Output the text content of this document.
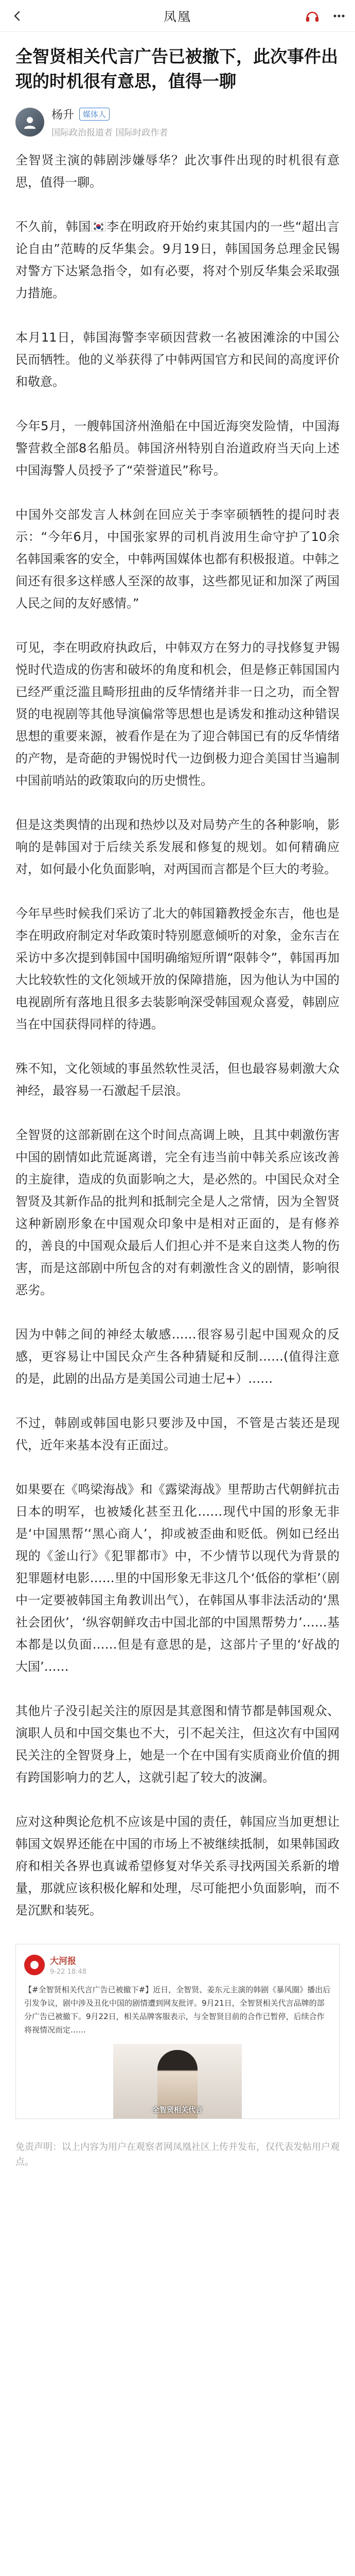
凤凰
全智贤相关代言广告已被撤下，此次事件出现的时机很有意思，值得一聊
杨升	媒体人
国际政治报道者 国际时政作者

全智贤主演的韩剧涉嫌辱华？此次事件出现的时机很有意思，值得一聊。

不久前，韩国🇰🇷李在明政府开始约束其国内的一些“超出言论自由”范畴的反华集会。9月19日，韩国国务总理金民锡对警方下达紧急指令，如有必要，将对个别反华集会采取强力措施。

本月11日，韩国海警李宰硕因营救一名被困滩涂的中国公民而牺牲。他的义举获得了中韩两国官方和民间的高度评价和敬意。

今年5月，一艘韩国济州渔船在中国近海突发险情，中国海警营救全部8名船员。韩国济州特别自治道政府当天向上述中国海警人员授予了“荣誉道民”称号。

中国外交部发言人林剑在回应关于李宰硕牺牲的提问时表示：“今年6月，中国张家界的司机肖波用生命守护了10余名韩国乘客的安全，中韩两国媒体也都有积极报道。中韩之间还有很多这样感人至深的故事，这些都见证和加深了两国人民之间的友好感情。”

可见，李在明政府执政后，中韩双方在努力的寻找修复尹锡悦时代造成的伤害和破坏的角度和机会，但是修正韩国国内已经严重泛滥且畸形扭曲的反华情绪并非一日之功，而全智贤的电视剧等其他导演偏常等思想也是诱发和推动这种错误思想的重要来源，被看作是在为了迎合韩国已有的反华情绪的产物，是奇葩的尹锡悦时代一边倒极力迎合美国甘当遍制中国前哨站的政策取向的历史惯性。

但是这类舆情的出现和热炒以及对局势产生的各种影响，影响的是韩国对于后续关系发展和修复的规划。如何精确应对，如何最小化负面影响，对两国而言都是个巨大的考验。

今年早些时候我们采访了北大的韩国籍教授金东吉，他也是李在明政府制定对华政策时特别愿意倾听的对象，金东吉在采访中多次提到韩国中国明确缩短所谓“限韩令”，韩国再加大比较软性的文化领域开放的保障措施，因为他认为中国的电视剧所有落地且很多去装影响深受韩国观众喜爱，韩剧应当在中国获得同样的待遇。

殊不知，文化领域的事虽然软性灵活，但也最容易刺激大众神经，最容易一石激起千层浪。

全智贤的这部新剧在这个时间点高调上映，且其中刺激伤害中国的剧情如此荒诞离谱，完全有违当前中韩关系应该改善的主旋律，造成的负面影响之大，是必然的。中国民众对全智贤及其新作品的批判和抵制完全是人之常情，因为全智贤这种新剧形象在中国观众印象中是相对正面的，是有修养的，善良的中国观众最后人们担心并不是来自这类人物的伤害，而是这部剧中所包含的对有刺激性含义的剧情，影响很恶劣。

因为中韩之间的神经太敏感……很容易引起中国观众的反感，更容易让中国民众产生各种猜疑和反制……(值得注意的是，此剧的出品方是美国公司迪士尼+）……

不过，韩剧或韩国电影只要涉及中国，不管是古装还是现代，近年来基本没有正面过。

如果要在《鸣梁海战》和《露梁海战》里帮助古代朝鲜抗击日本的明军，也被矮化甚至丑化……现代中国的形象无非是‘中国黑帮’‘黑心商人’，抑或被歪曲和贬低。例如已经出现的《釜山行》《犯罪都市》中，不少情节以现代为背景的犯罪题材电影……里的中国形象无非这几个‘低俗的掌柜’（剧中一定要被韩国主角教训出气），在韩国从事非法活动的‘黑社会团伙’，‘纵容朝鲜攻击中国北部的中国黑帮势力’……基本都是以负面……但是有意思的是，这部片子里的‘好战的大国’……

其他片子没引起关注的原因是其意图和情节都是韩国观众、演职人员和中国交集也不大，引不起关注，但这次有中国网民关注的全智贤身上，她是一个在中国有实质商业价值的拥有跨国影响力的艺人，这就引起了较大的波澜。

应对这种舆论危机不应该是中国的责任，韩国应当加更想让韩国文娱界还能在中国的市场上不被继续抵制，如果韩国政府和相关各界也真诚希望修复对华关系寻找两国关系新的增量，那就应该积极化解和处理，尽可能把小负面影响，而不是沉默和装死。

大河报
9-22 18:48
【#全智贤相关代言广告已被撤下#】近日，全智贤、姜东元主演的韩剧《暴风圈》播出后引发争议，剧中涉及丑化中国的剧情遭到网友批评。9月21日，全智贤相关代言品牌的部分广告已被撤下。9月22日，相关品牌客服表示，与全智贤目前的合作已暂停，后续合作将视情况而定……
全智贤相关代言
免责声明：以上内容为用户在观察者网凤凰社区上传并发布，仅代表发帖用户观点。
